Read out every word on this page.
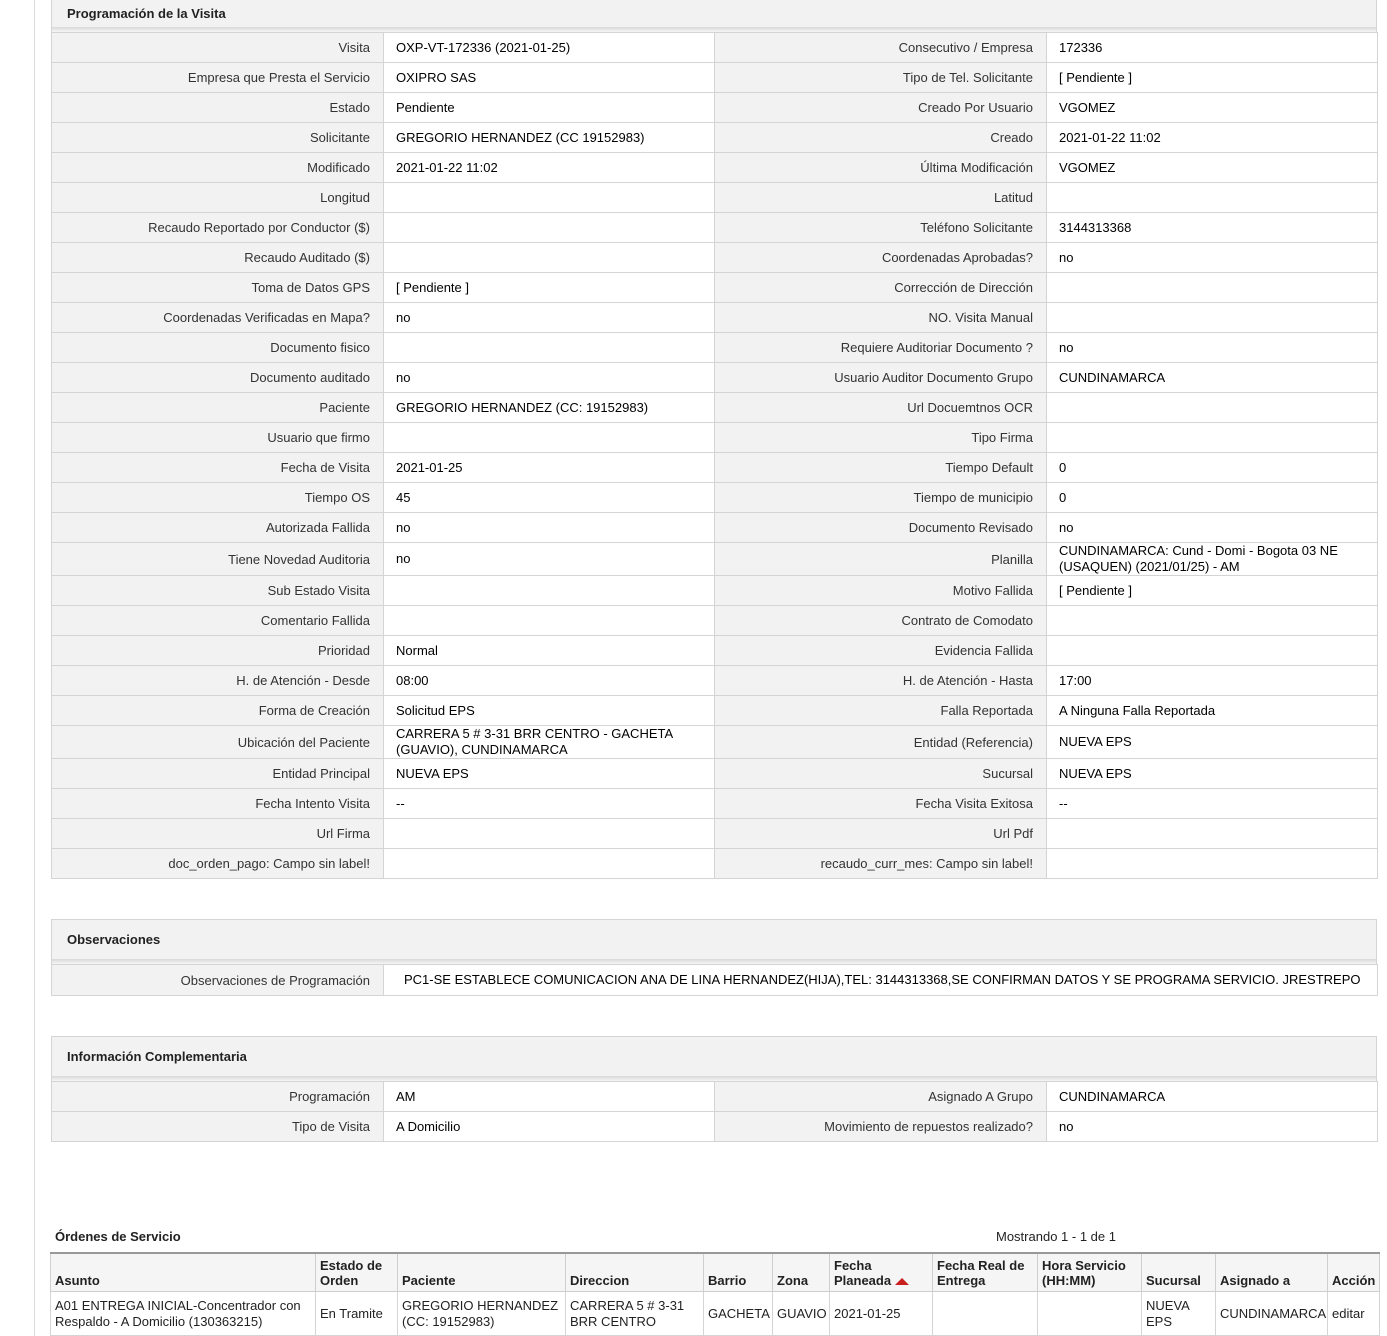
Programación de la Visita
Visita	OXP-VT-172336 (2021-01-25)	Consecutivo / Empresa	172336
Empresa que Presta el Servicio	OXIPRO SAS	Tipo de Tel. Solicitante	[ Pendiente ]
Estado	Pendiente	Creado Por Usuario	VGOMEZ
Solicitante	GREGORIO HERNANDEZ (CC 19152983)	Creado	2021-01-22 11:02
Modificado	2021-01-22 11:02	Última Modificación	VGOMEZ
Longitud		Latitud	
Recaudo Reportado por Conductor ($)		Teléfono Solicitante	3144313368
Recaudo Auditado ($)		Coordenadas Aprobadas?	no
Toma de Datos GPS	[ Pendiente ]	Corrección de Dirección	
Coordenadas Verificadas en Mapa?	no	NO. Visita Manual	
Documento fisico		Requiere Auditoriar Documento ?	no
Documento auditado	no	Usuario Auditor Documento Grupo	CUNDINAMARCA
Paciente	GREGORIO HERNANDEZ (CC: 19152983)	Url Docuemtnos OCR	
Usuario que firmo		Tipo Firma	
Fecha de Visita	2021-01-25	Tiempo Default	0
Tiempo OS	45	Tiempo de municipio	0
Autorizada Fallida	no	Documento Revisado	no
Tiene Novedad Auditoria	no	Planilla	CUNDINAMARCA: Cund - Domi - Bogota 03 NE (USAQUEN) (2021/01/25) - AM
Sub Estado Visita		Motivo Fallida	[ Pendiente ]
Comentario Fallida		Contrato de Comodato	
Prioridad	Normal	Evidencia Fallida	
H. de Atención - Desde	08:00	H. de Atención - Hasta	17:00
Forma de Creación	Solicitud EPS	Falla Reportada	A Ninguna Falla Reportada
Ubicación del Paciente	CARRERA 5 # 3-31 BRR CENTRO - GACHETA (GUAVIO), CUNDINAMARCA	Entidad (Referencia)	NUEVA EPS
Entidad Principal	NUEVA EPS	Sucursal	NUEVA EPS
Fecha Intento Visita	--	Fecha Visita Exitosa	--
Url Firma		Url Pdf	
doc_orden_pago: Campo sin label!		recaudo_curr_mes: Campo sin label!	
Observaciones
Observaciones de Programación	PC1-SE ESTABLECE COMUNICACION ANA DE LINA HERNANDEZ(HIJA),TEL: 3144313368,SE CONFIRMAN DATOS Y SE PROGRAMA SERVICIO. JRESTREPO
Información Complementaria
Programación	AM	Asignado A Grupo	CUNDINAMARCA
Tipo de Visita	A Domicilio	Movimiento de repuestos realizado?	no
Órdenes de Servicio	Mostrando 1 - 1 de 1
Asunto	Estado de Orden	Paciente	Direccion	Barrio	Zona	Fecha Planeada	Fecha Real de Entrega	Hora Servicio (HH:MM)	Sucursal	Asignado a	Acción
A01 ENTREGA INICIAL-Concentrador con Respaldo - A Domicilio (130363215)	En Tramite	GREGORIO HERNANDEZ (CC: 19152983)	CARRERA 5 # 3-31 BRR CENTRO	GACHETA	GUAVIO	2021-01-25			NUEVA EPS	CUNDINAMARCA	editar
